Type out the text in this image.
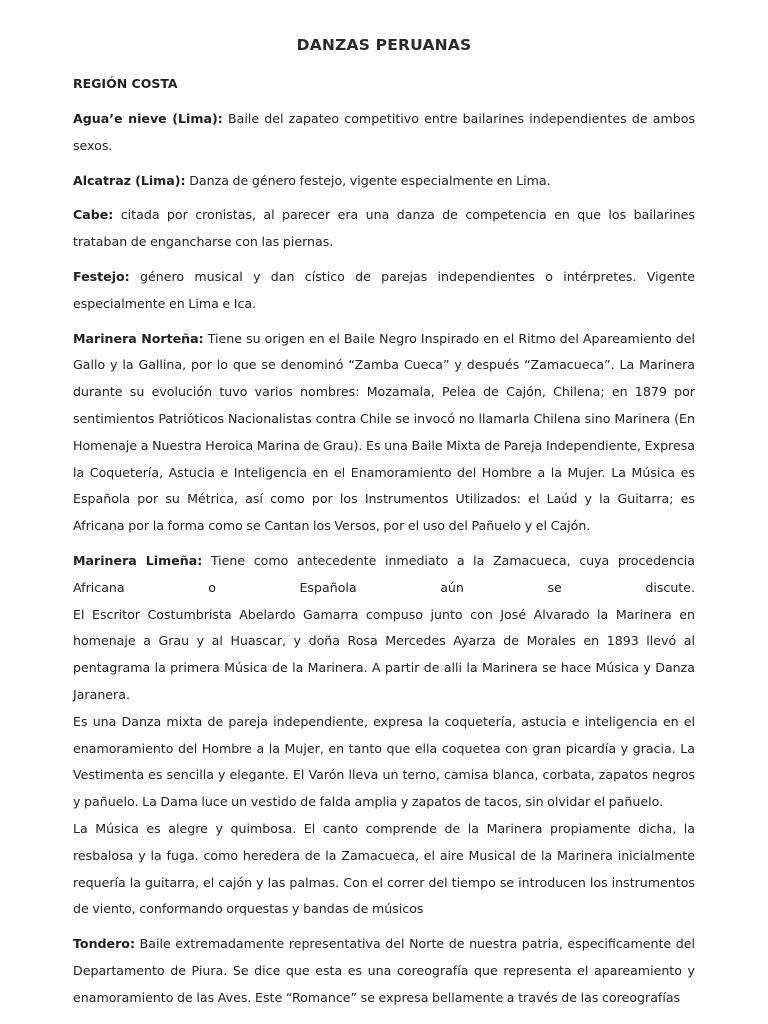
DANZAS PERUANAS
REGIÓN COSTA

Agua’e nieve (Lima): Baile del zapateo competitivo entre bailarines independientes de ambos sexos.

Alcatraz (Lima): Danza de género festejo, vigente especialmente en Lima.

Cabe: citada por cronistas, al parecer era una danza de competencia en que los bailarines trataban de engancharse con las piernas.

Festejo: género musical y dan cístico de parejas independientes o intérpretes. Vigente especialmente en Lima e Ica.

Marinera Norteña: Tiene su origen en el Baile Negro Inspirado en el Ritmo del Apareamiento del Gallo y la Gallina, por lo que se denominó “Zamba Cueca” y después “Zamacueca”. La Marinera durante su evolución tuvo varios nombres: Mozamala, Pelea de Cajón, Chilena; en 1879 por sentimientos Patrióticos Nacionalistas contra Chile se invocó no llamarla Chilena sino Marinera (En Homenaje a Nuestra Heroica Marina de Grau). Es una Baile Mixta de Pareja Independiente, Expresa la Coquetería, Astucia e Inteligencia en el Enamoramiento del Hombre a la Mujer. La Música es Española por su Métrica, así como por los Instrumentos Utilizados: el Laúd y la Guitarra; es Africana por la forma como se Cantan los Versos, por el uso del Pañuelo y el Cajón.

Marinera Limeña: Tiene como antecedente inmediato a la Zamacueca, cuya procedencia Africana o Española aún se discute.

El Escritor Costumbrista Abelardo Gamarra compuso junto con José Alvarado la Marinera en homenaje a Grau y al Huascar, y doña Rosa Mercedes Ayarza de Morales en 1893 llevó al pentagrama la primera Música de la Marinera. A partir de alli la Marinera se hace Música y Danza Jaranera.

Es una Danza mixta de pareja independiente, expresa la coquetería, astucia e inteligencia en el enamoramiento del Hombre a la Mujer, en tanto que ella coquetea con gran picardía y gracia. La Vestimenta es sencilla y elegante. El Varón lleva un terno, camisa blanca, corbata, zapatos negros y pañuelo. La Dama luce un vestido de falda amplia y zapatos de tacos, sin olvidar el pañuelo.

La Música es alegre y quimbosa. El canto comprende de la Marinera propiamente dicha, la resbalosa y la fuga. como heredera de la Zamacueca, el aire Musical de la Marinera inicialmente requería la guitarra, el cajón y las palmas. Con el correr del tiempo se introducen los instrumentos de viento, conformando orquestas y bandas de músicos

Tondero: Baile extremadamente representativa del Norte de nuestra patria, especificamente del Departamento de Piura. Se dice que esta es una coreografía que representa el apareamiento y enamoramiento de las Aves. Este “Romance” se expresa bellamente a través de las coreografías
